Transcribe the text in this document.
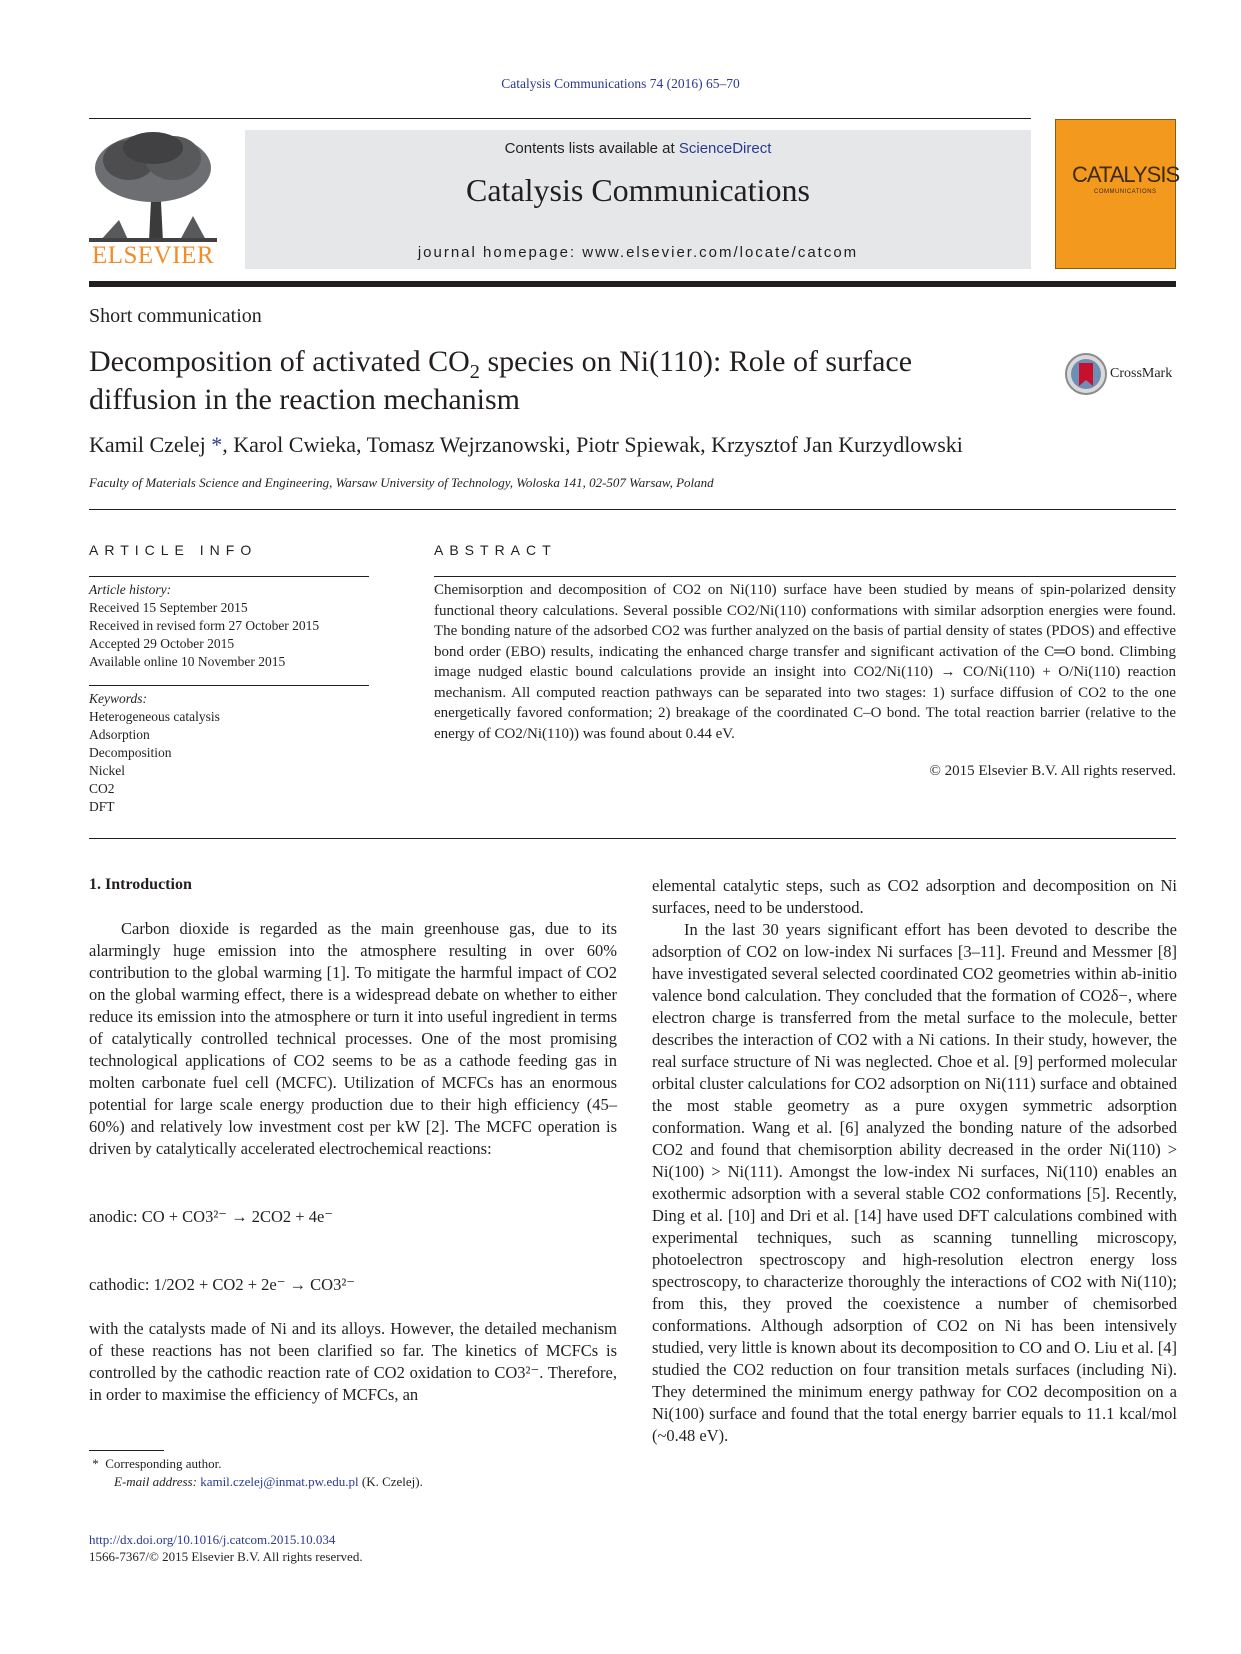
Catalysis Communications 74 (2016) 65–70
ELSEVIER
Contents lists available at ScienceDirect
Catalysis Communications
journal homepage: www.elsevier.com/locate/catcom
CATALYSIS
COMMUNICATIONS
Short communication
Decomposition of activated $CO_2$ species on Ni(110): Role of surface
diffusion in the reaction mechanism
CrossMark
Kamil Czelej *, Karol Cwieka, Tomasz Wejrzanowski, Piotr Spiewak, Krzysztof Jan Kurzydlowski
Faculty of Materials Science and Engineering, Warsaw University of Technology, Woloska 141, 02-507 Warsaw, Poland
ARTICLE INFO
Article history:
Received 15 September 2015
Received in revised form 27 October 2015
Accepted 29 October 2015
Available online 10 November 2015
Keywords:
Heterogeneous catalysis
Adsorption
Decomposition
Nickel
CO2
DFT
ABSTRACT
Chemisorption and decomposition of CO2 on Ni(110) surface have been studied by means of spin-polarized density functional theory calculations. Several possible CO2/Ni(110) conformations with similar adsorption energies were found. The bonding nature of the adsorbed CO2 was further analyzed on the basis of partial density of states (PDOS) and effective bond order (EBO) results, indicating the enhanced charge transfer and significant activation of the C═O bond. Climbing image nudged elastic bound calculations provide an insight into CO2/Ni(110) → CO/Ni(110) + O/Ni(110) reaction mechanism. All computed reaction pathways can be separated into two stages: 1) surface diffusion of CO2 to the one energetically favored conformation; 2) breakage of the coordinated C–O bond. The total reaction barrier (relative to the energy of CO2/Ni(110)) was found about 0.44 eV.
© 2015 Elsevier B.V. All rights reserved.
1. Introduction

Carbon dioxide is regarded as the main greenhouse gas, due to its alarmingly huge emission into the atmosphere resulting in over 60% contribution to the global warming [1]. To mitigate the harmful impact of CO2 on the global warming effect, there is a widespread debate on whether to either reduce its emission into the atmosphere or turn it into useful ingredient in terms of catalytically controlled technical processes. One of the most promising technological applications of CO2 seems to be as a cathode feeding gas in molten carbonate fuel cell (MCFC). Utilization of MCFCs has an enormous potential for large scale energy production due to their high efficiency (45–60%) and relatively low investment cost per kW [2]. The MCFC operation is driven by catalytically accelerated electrochemical reactions:

anodic: CO + CO3²⁻ → 2CO2 + 4e⁻
cathodic: 1/2O2 + CO2 + 2e⁻ → CO3²⁻

with the catalysts made of Ni and its alloys. However, the detailed mechanism of these reactions has not been clarified so far. The kinetics of MCFCs is controlled by the cathodic reaction rate of CO2 oxidation to CO3²⁻. Therefore, in order to maximise the efficiency of MCFCs, an

* Corresponding author.
E-mail address: kamil.czelej@inmat.pw.edu.pl (K. Czelej).
http://dx.doi.org/10.1016/j.catcom.2015.10.034
1566-7367/© 2015 Elsevier B.V. All rights reserved.

elemental catalytic steps, such as CO2 adsorption and decomposition on Ni surfaces, need to be understood.

In the last 30 years significant effort has been devoted to describe the adsorption of CO2 on low-index Ni surfaces [3–11]. Freund and Messmer [8] have investigated several selected coordinated CO2 geometries within ab-initio valence bond calculation. They concluded that the formation of CO2δ−, where electron charge is transferred from the metal surface to the molecule, better describes the interaction of CO2 with a Ni cations. In their study, however, the real surface structure of Ni was neglected. Choe et al. [9] performed molecular orbital cluster calculations for CO2 adsorption on Ni(111) surface and obtained the most stable geometry as a pure oxygen symmetric adsorption conformation. Wang et al. [6] analyzed the bonding nature of the adsorbed CO2 and found that chemisorption ability decreased in the order Ni(110) > Ni(100) > Ni(111). Amongst the low-index Ni surfaces, Ni(110) enables an exothermic adsorption with a several stable CO2 conformations [5]. Recently, Ding et al. [10] and Dri et al. [14] have used DFT calculations combined with experimental techniques, such as scanning tunnelling microscopy, photoelectron spectroscopy and high-resolution electron energy loss spectroscopy, to characterize thoroughly the interactions of CO2 with Ni(110); from this, they proved the coexistence a number of chemisorbed conformations. Although adsorption of CO2 on Ni has been intensively studied, very little is known about its decomposition to CO and O. Liu et al. [4] studied the CO2 reduction on four transition metals surfaces (including Ni). They determined the minimum energy pathway for CO2 decomposition on a Ni(100) surface and found that the total energy barrier equals to 11.1 kcal/mol (~0.48 eV).
